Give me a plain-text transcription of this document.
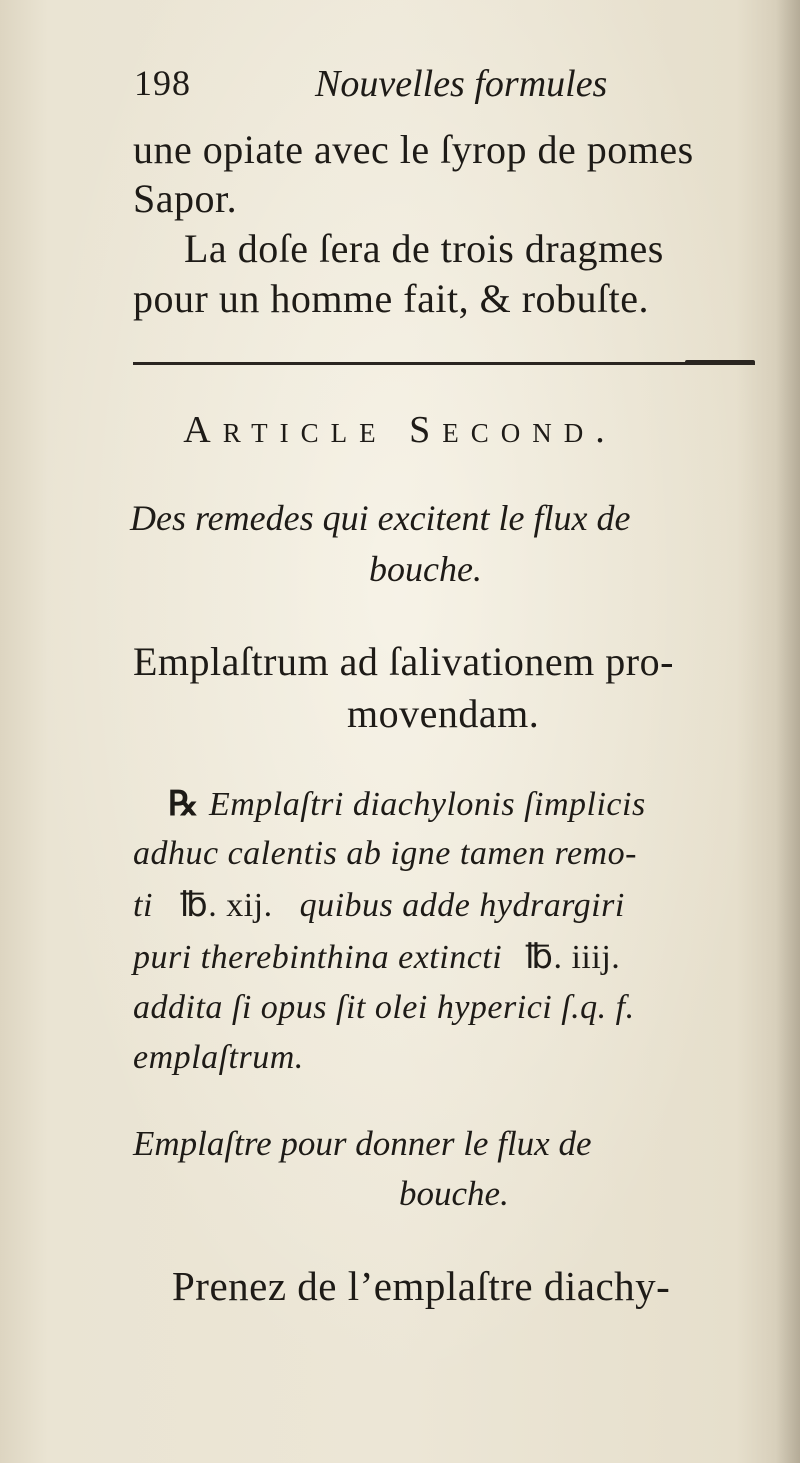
198	Nouvelles formules
une opiate avec le ſyrop de pomes
Sapor.
La doſe ſera de trois dragmes
pour un homme fait, & robuſte.
Article Second.
Des remedes qui excitent le flux de
bouche.
Emplaſtrum ad ſalivationem pro-
movendam.
℞ Emplaſtri diachylonis ſimplicis
adhuc calentis ab igne tamen remo-
ti ℔. xij. quibus adde hydrargiri
puri therebinthina extincti ℔. iiij.
addita ſi opus ſit olei hyperici ſ.q. f.
emplaſtrum.
Emplaſtre pour donner le flux de
bouche.
Prenez de l’emplaſtre diachy-
